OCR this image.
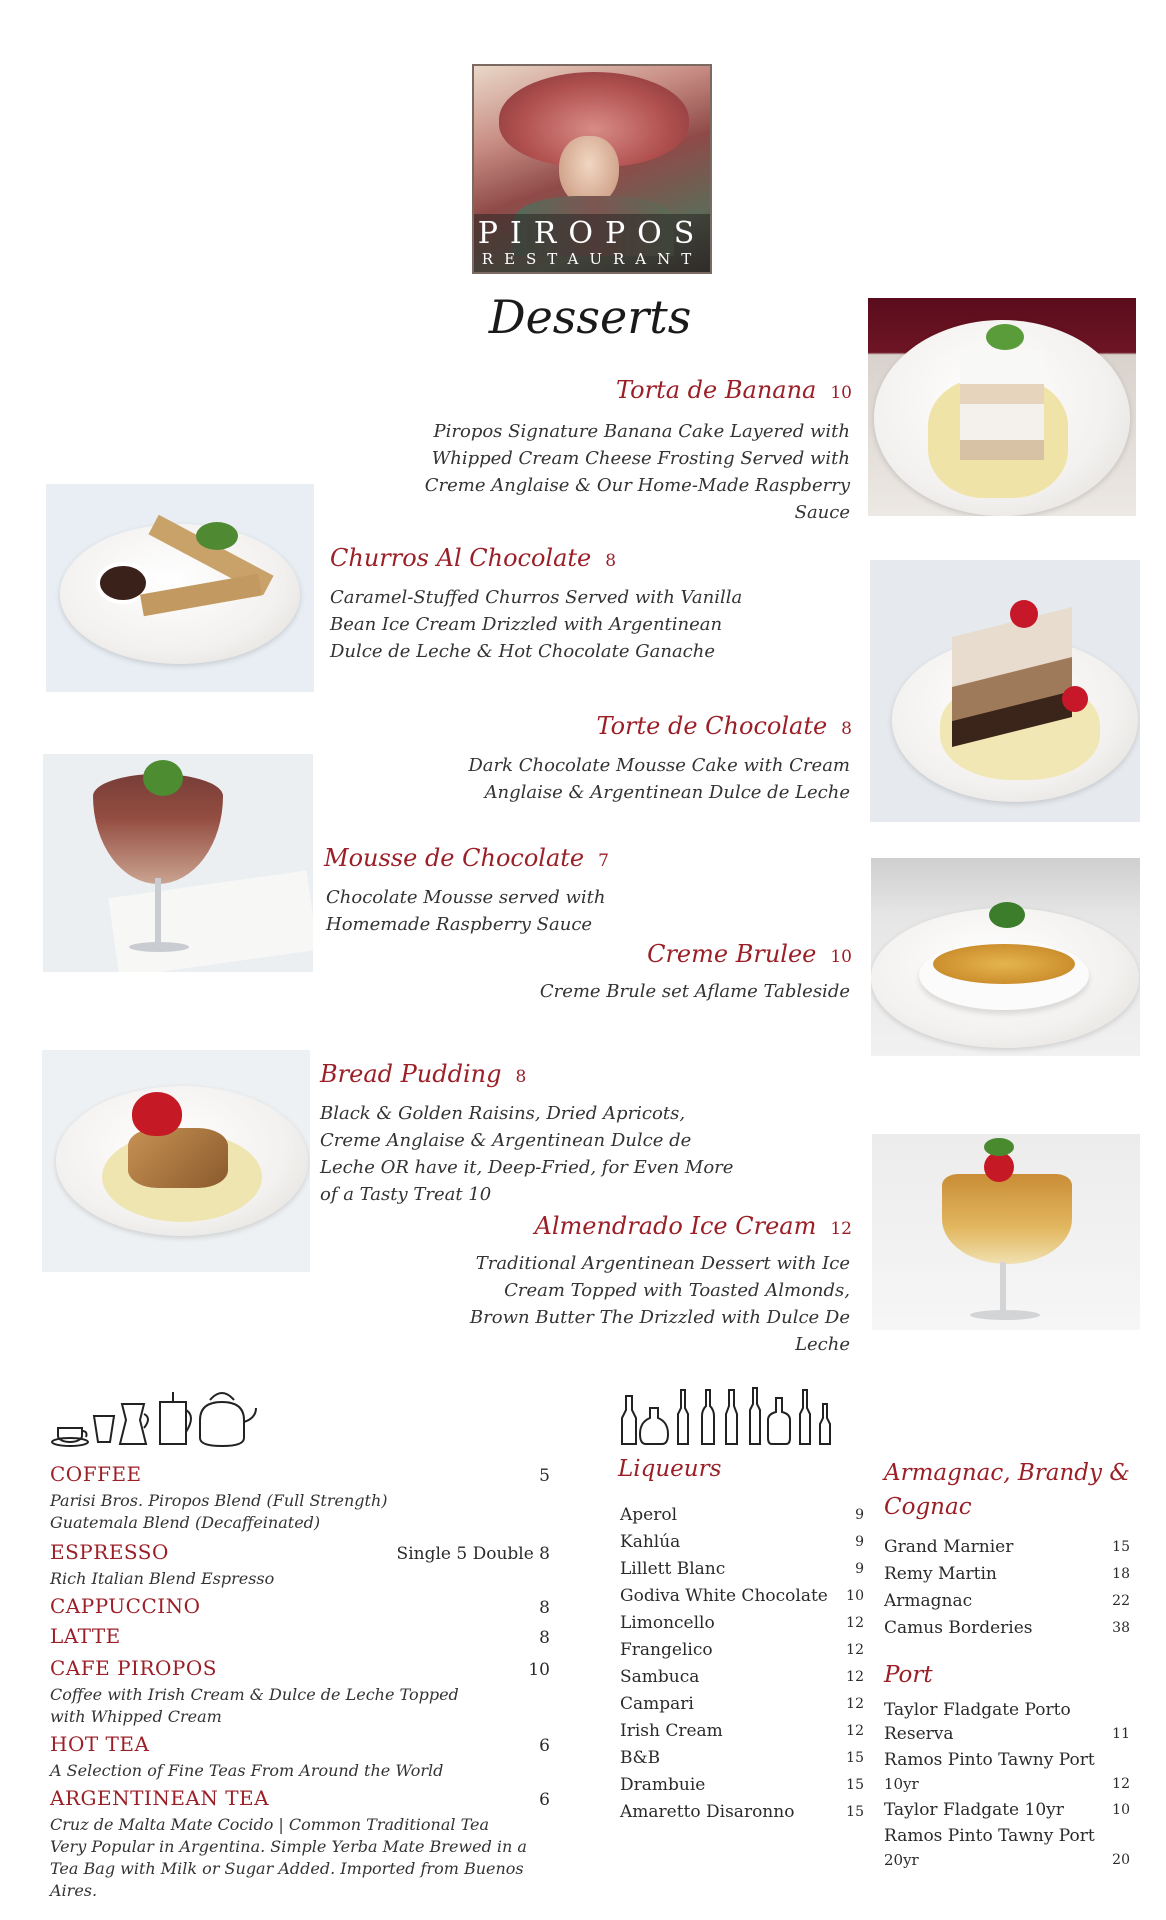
PIROPOS
RESTAURANT
Desserts
Torta de Banana 10
Piropos Signature Banana Cake Layered with Whipped Cream Cheese Frosting Served with Creme Anglaise & Our Home-Made Raspberry Sauce
Churros Al Chocolate 8
Caramel-Stuffed Churros Served with Vanilla Bean Ice Cream Drizzled with Argentinean Dulce de Leche & Hot Chocolate Ganache
Torte de Chocolate 8
Dark Chocolate Mousse Cake with Cream Anglaise & Argentinean Dulce de Leche
Mousse de Chocolate 7
Chocolate Mousse served with Homemade Raspberry Sauce
Creme Brulee 10
Creme Brule set Aflame Tableside
Bread Pudding 8
Black & Golden Raisins, Dried Apricots, Creme Anglaise & Argentinean Dulce de Leche OR have it, Deep-Fried, for Even More of a Tasty Treat 10
Almendrado Ice Cream 12
Traditional Argentinean Dessert with Ice Cream Topped with Toasted Almonds, Brown Butter The Drizzled with Dulce De Leche
COFFEE	5
Parisi Bros. Piropos Blend (Full Strength) Guatemala Blend (Decaffeinated)
ESPRESSO	Single 5 Double 8
Rich Italian Blend Espresso
CAPPUCCINO	8
LATTE	8
CAFE PIROPOS	10
Coffee with Irish Cream & Dulce de Leche Topped with Whipped Cream
HOT TEA	6
A Selection of Fine Teas From Around the World
ARGENTINEAN TEA	6
Cruz de Malta Mate Cocido | Common Traditional Tea Very Popular in Argentina. Simple Yerba Mate Brewed in a Tea Bag with Milk or Sugar Added. Imported from Buenos Aires.
Liqueurs
Aperol	9
Kahlúa	9
Lillett Blanc	9
Godiva White Chocolate 10
Limoncello	12
Frangelico	12
Sambuca	12
Campari	12
Irish Cream	12
B&B	15
Drambuie	15
Amaretto Disaronno	15
Armagnac, Brandy &
Cognac
Grand Marnier	15
Remy Martin	18
Armagnac	22
Camus Borderies	38
Port
Taylor Fladgate Porto
Reserva	11
Ramos Pinto Tawny Port
10yr	12
Taylor Fladgate 10yr	10
Ramos Pinto Tawny Port
20yr	20
